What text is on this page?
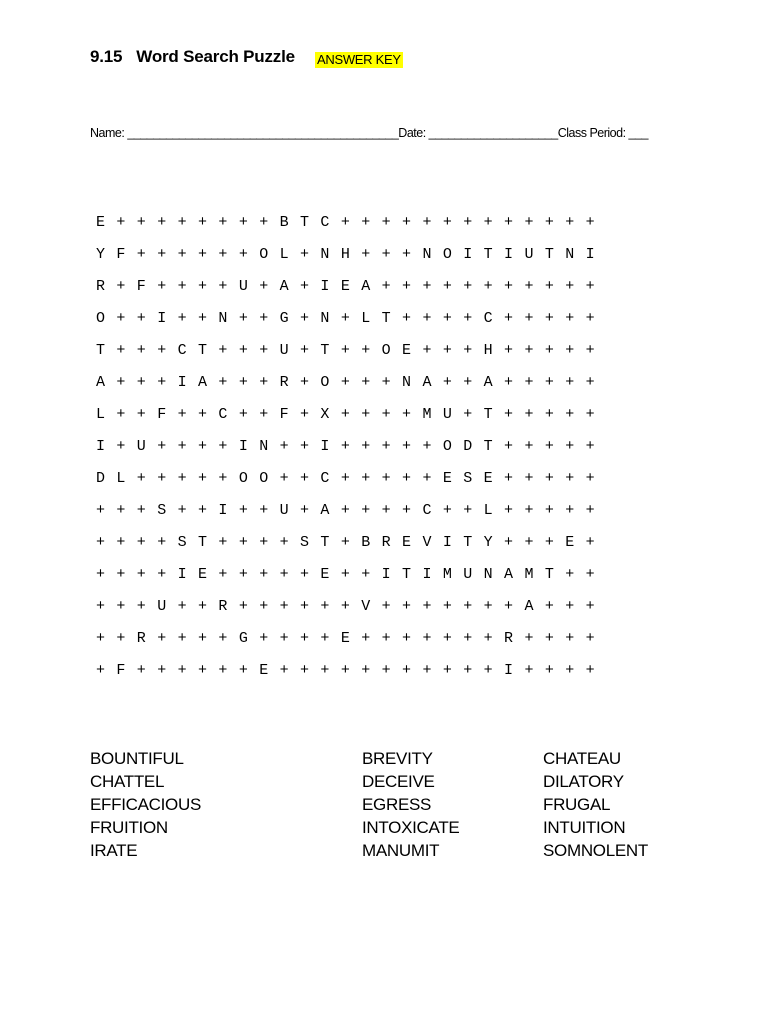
9.15 Word Search Puzzle ANSWER KEY
Name: __________________________________________Date: ____________________Class Period: ___
E + + + + + + + + B T C + + + + + + + + + + + + +
Y F + + + + + + O L + N H + + + N O I T I U T N I
R + F + + + + U + A + I E A + + + + + + + + + + +
O + + I + + N + + G + N + L T + + + + C + + + + +
T + + + C T + + + U + T + + O E + + + H + + + + +
A + + + I A + + + R + O + + + N A + + A + + + + +
L + + F + + C + + F + X + + + + M U + T + + + + +
I + U + + + + I N + + I + + + + + O D T + + + + +
D L + + + + + O O + + C + + + + + E S E + + + + +
+ + + S + + I + + U + A + + + + C + + L + + + + +
+ + + + S T + + + + S T + B R E V I T Y + + + E +
+ + + + I E + + + + + E + + I T I M U N A M T + +
+ + + U + + R + + + + + + V + + + + + + + A + + +
+ + R + + + + G + + + + E + + + + + + + R + + + +
+ F + + + + + + E + + + + + + + + + + + I + + + +
BOUNTIFUL
CHATTEL
EFFICACIOUS
FRUITION
IRATE
BREVITY
DECEIVE
EGRESS
INTOXICATE
MANUMIT
CHATEAU
DILATORY
FRUGAL
INTUITION
SOMNOLENT
